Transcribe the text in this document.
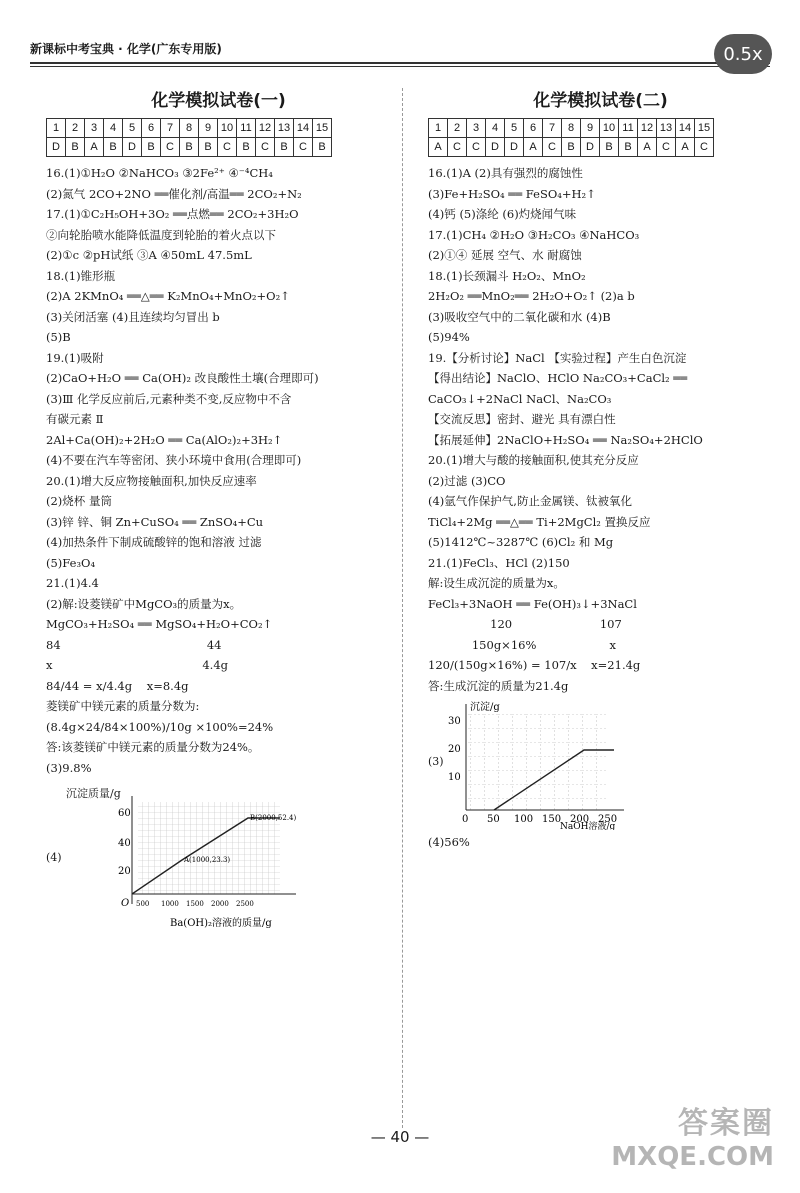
新课标中考宝典 · 化学(广东专用版)	0.5x
化学模拟试卷(一)
1	2	3	4	5	6	7	8	9	10	11	12	13	14	15
D	B	A	B	D	B	C	B	B	C	B	C	B	C	B
16.(1)①H₂O ②NaHCO₃ ③2Fe²⁺ ④⁻⁴CH₄
(2)氮气 2CO+2NO ══催化剂/高温══ 2CO₂+N₂
17.(1)①C₂H₅OH+3O₂ ══点燃══ 2CO₂+3H₂O
②向轮胎喷水能降低温度到轮胎的着火点以下
(2)①c ②pH试纸 ③A ④50mL 47.5mL
18.(1)锥形瓶
(2)A 2KMnO₄ ══△══ K₂MnO₄+MnO₂+O₂↑
(3)关闭活塞 (4)且连续均匀冒出 b
(5)B
19.(1)吸附
(2)CaO+H₂O ══ Ca(OH)₂ 改良酸性土壤(合理即可)
(3)Ⅲ 化学反应前后,元素种类不变,反应物中不含
有碳元素 Ⅱ
2Al+Ca(OH)₂+2H₂O ══ Ca(AlO₂)₂+3H₂↑
(4)不要在汽车等密闭、狭小环境中食用(合理即可)
20.(1)增大反应物接触面积,加快反应速率
(2)烧杯 量筒
(3)锌 锌、铜 Zn+CuSO₄ ══ ZnSO₄+Cu
(4)加热条件下制成硫酸锌的饱和溶液 过滤
(5)Fe₃O₄
21.(1)4.4
(2)解:设菱镁矿中MgCO₃的质量为x。
MgCO₃+H₂SO₄ ══ MgSO₄+H₂O+CO₂↑
84                                        44
x                                         4.4g
84/44 = x/4.4g    x=8.4g
菱镁矿中镁元素的质量分数为:
(8.4g×24/84×100%)/10g ×100%=24%
答:该菱镁矿中镁元素的质量分数为24%。
(3)9.8%
沉淀质量/g
(4)
60
40
20
O 500 1000 1500 2000 2500
A(1000,23.3)
B(2000,52.4)
Ba(OH)₂溶液的质量/g
化学模拟试卷(二)
1	2	3	4	5	6	7	8	9	10	11	12	13	14	15
A	C	C	D	D	A	C	B	D	B	B	A	C	A	C
16.(1)A (2)具有强烈的腐蚀性
(3)Fe+H₂SO₄ ══ FeSO₄+H₂↑
(4)钙 (5)涤纶 (6)灼烧闻气味
17.(1)CH₄ ②H₂O ③H₂CO₃ ④NaHCO₃
(2)①④ 延展 空气、水 耐腐蚀
18.(1)长颈漏斗 H₂O₂、MnO₂
2H₂O₂ ══MnO₂══ 2H₂O+O₂↑ (2)a b
(3)吸收空气中的二氧化碳和水 (4)B
(5)94%
19.【分析讨论】NaCl 【实验过程】产生白色沉淀
【得出结论】NaClO、HClO Na₂CO₃+CaCl₂ ══
CaCO₃↓+2NaCl NaCl、Na₂CO₃
【交流反思】密封、避光 具有漂白性
【拓展延伸】2NaClO+H₂SO₄ ══ Na₂SO₄+2HClO
20.(1)增大与酸的接触面积,使其充分反应
(2)过滤 (3)CO
(4)氩气作保护气,防止金属镁、钛被氧化
TiCl₄+2Mg ══△══ Ti+2MgCl₂ 置换反应
(5)1412℃~3287℃ (6)Cl₂ 和 Mg
21.(1)FeCl₃、HCl (2)150
解:设生成沉淀的质量为x。
FeCl₃+3NaOH ══ Fe(OH)₃↓+3NaCl
120                        107
150g×16%                    x
120/(150g×16%) = 107/x    x=21.4g
答:生成沉淀的质量为21.4g
(3)
沉淀/g
30
20
10
0 50 100 150 200 250
NaOH溶液/g
(4)56%
— 40 —	答案圈
MXQE.COM
